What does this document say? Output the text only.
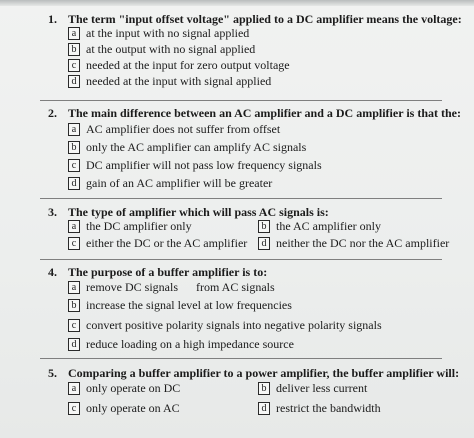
1. The term "input offset voltage" applied to a DC amplifier means the voltage:
a at the input with no signal applied
b at the output with no signal applied
c needed at the input for zero output voltage
d needed at the input with signal applied
2. The main difference between an AC amplifier and a DC amplifier is that the:
a AC amplifier does not suffer from offset
b only the AC amplifier can amplify AC signals
c DC amplifier will not pass low frequency signals
d gain of an AC amplifier will be greater
3. The type of amplifier which will pass AC signals is:
a the DC amplifier only	b the AC amplifier only
c either the DC or the AC amplifier	d neither the DC nor the AC amplifier
4. The purpose of a buffer amplifier is to:
a remove DC signals      from AC signals
b increase the signal level at low frequencies
c convert positive polarity signals into negative polarity signals
d reduce loading on a high impedance source
5. Comparing a buffer amplifier to a power amplifier, the buffer amplifier will:
a only operate on DC	b deliver less current
c only operate on AC	d restrict the bandwidth
